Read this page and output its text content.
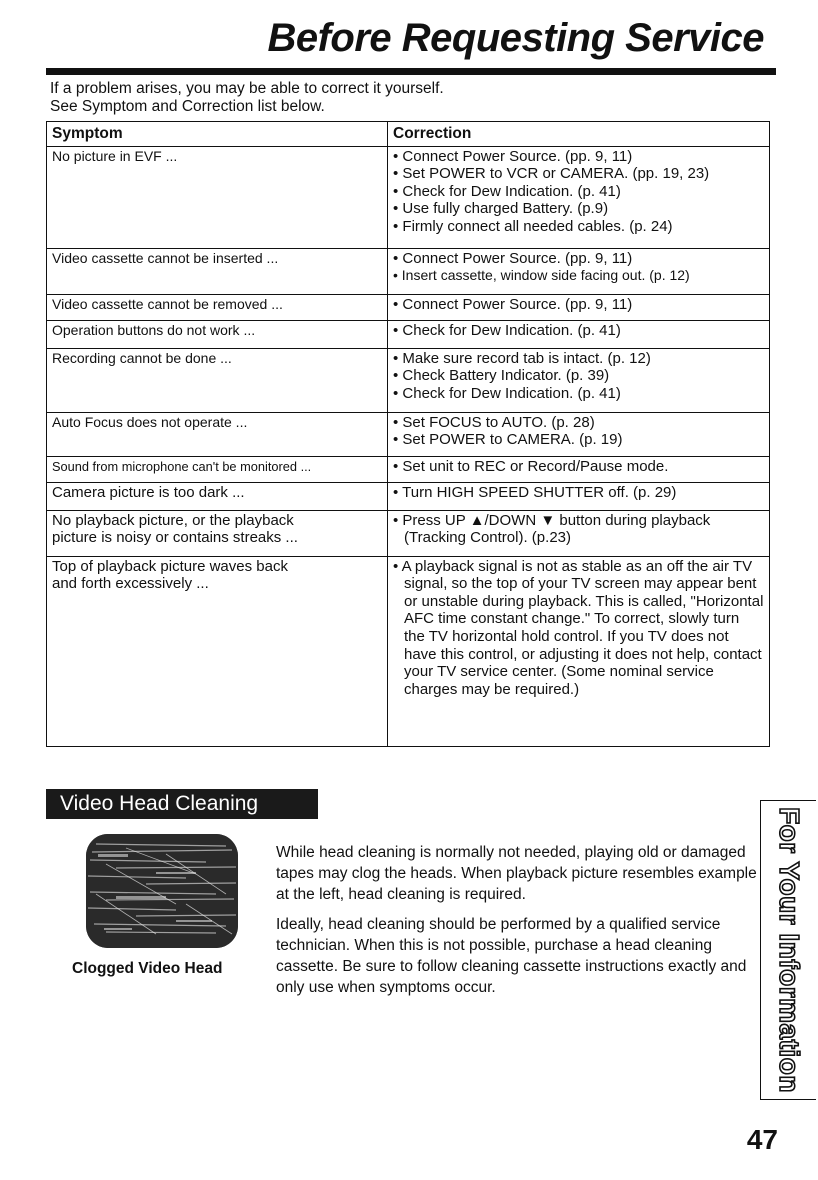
Before Requesting Service
If a problem arises, you may be able to correct it yourself.
See Symptom and Correction list below.
Symptom	Correction
No picture in EVF ...	• Connect Power Source. (pp. 9, 11)
• Set POWER to VCR or CAMERA. (pp. 19, 23)
• Check for Dew Indication. (p. 41)
• Use fully charged Battery. (p.9)
• Firmly connect all needed cables. (p. 24)

Video cassette cannot be inserted ...	• Connect Power Source. (pp. 9, 11)
• Insert cassette, window side facing out. (p. 12)

Video cassette cannot be removed ...	• Connect Power Source. (pp. 9, 11)

Operation buttons do not work ...	• Check for Dew Indication. (p. 41)

Recording cannot be done ...	• Make sure record tab is intact. (p. 12)
• Check Battery Indicator. (p. 39)
• Check for Dew Indication. (p. 41)

Auto Focus does not operate ...	• Set FOCUS to AUTO. (p. 28)
• Set POWER to CAMERA. (p. 19)

Sound from microphone can't be monitored ...	• Set unit to REC or Record/Pause mode.

Camera picture is too dark ...	• Turn HIGH SPEED SHUTTER off. (p. 29)

No playback picture, or the playback
picture is noisy or contains streaks ...	• Press UP ▲/DOWN ▼ button during playback (Tracking Control). (p.23)

Top of playback picture waves back
and forth excessively ...	• A playback signal is not as stable as an off the air TV signal, so the top of your TV screen may appear bent or unstable during playback. This is called, "Horizontal AFC time constant change." To correct, slowly turn the TV horizontal hold control. If you TV does not have this control, or adjusting it does not help, contact your TV service center. (Some nominal service charges may be required.)
Video Head Cleaning
Clogged Video Head

While head cleaning is normally not needed, playing old or damaged tapes may clog the heads. When playback picture resembles example at the left, head cleaning is required.

Ideally, head cleaning should be performed by a qualified service technician. When this is not possible, purchase a head cleaning cassette. Be sure to follow cleaning cassette instructions exactly and only use when symptoms occur.	For Your Information
47
